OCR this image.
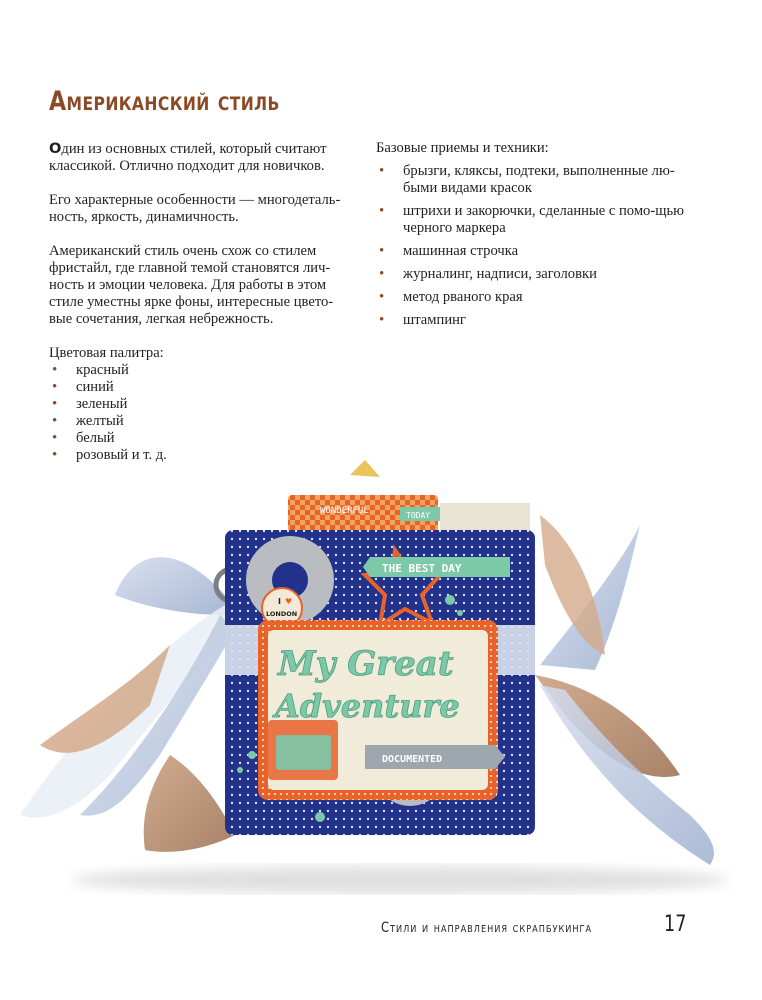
Американский стиль

Один из основных стилей, который считают классикой. Отлично подходит для новичков.

Его характерные особенности — многодеталь-ность, яркость, динамичность.

Американский стиль очень схож со стилем фристайл, где главной темой становятся лич-ность и эмоции человека. Для работы в этом стиле уместны ярке фоны, интересные цвето-вые сочетания, легкая небрежность.

Цветовая палитра:
• красный
• синий
• зеленый
• желтый
• белый
• розовый и т. д.
Базовые приемы и техники:
• брызги, кляксы, подтеки, выполненные лю-быми видами красок
• штрихи и закорючки, сделанные с помо-щью черного маркера
• машинная строчка
• журналинг, надписи, заголовки
• метод рваного края
• штампинг
WONDERFUL	TODAY
THE BEST DAY
I ♥
LONDON
My Great
Adventure
DOCUMENTED
Стили и направления скрапбукинга	17
